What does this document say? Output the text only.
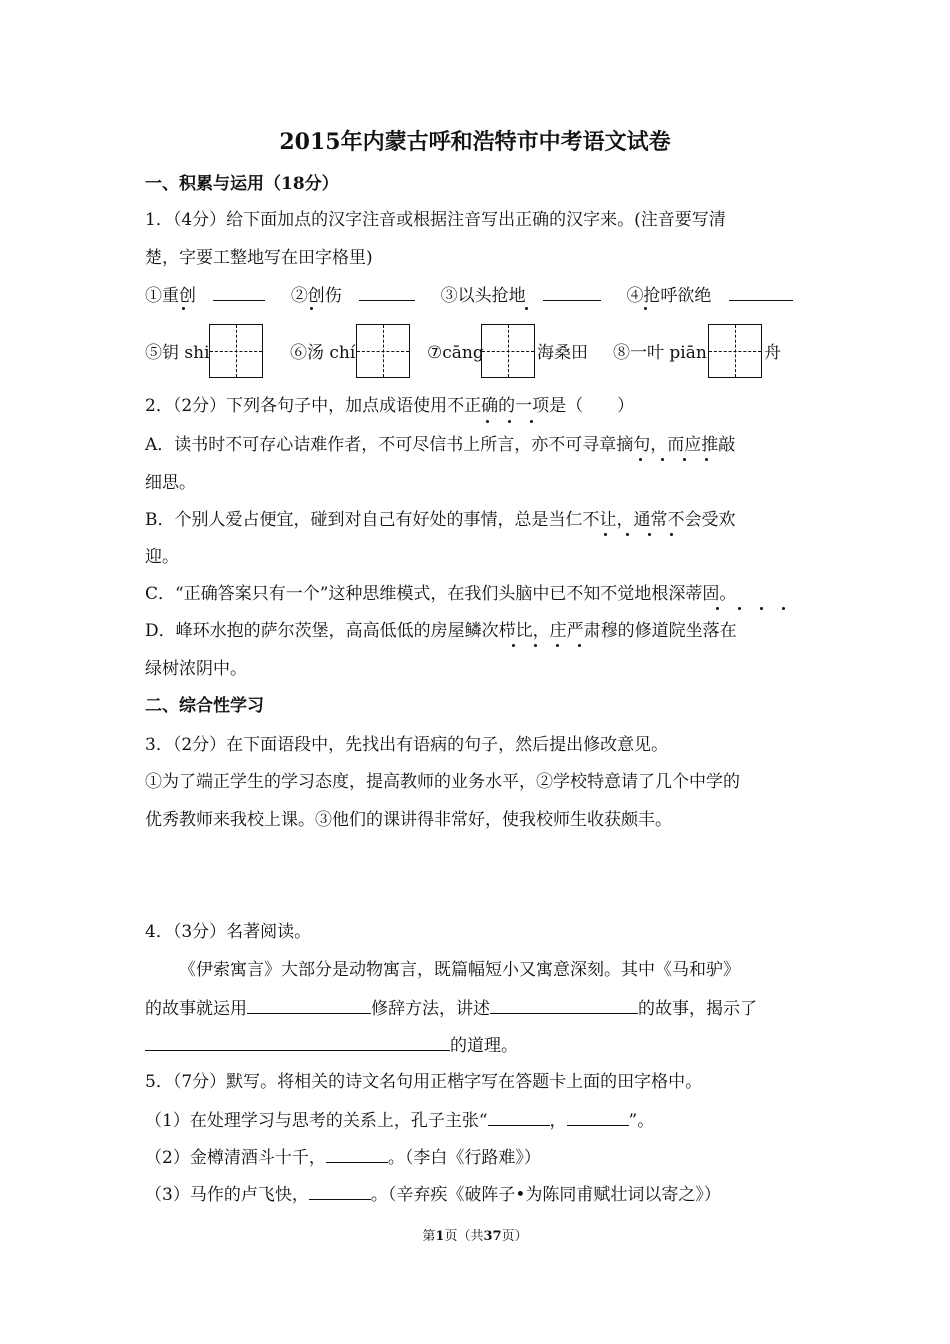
2015年内蒙古呼和浩特市中考语文试卷
一、积累与运用（18分）
1．（4分）给下面加点的汉字注音或根据注音写出正确的汉字来。(注音要写清
楚，字要工整地写在田字格里)
①重创	②创伤	③以头抢地	④抢呼欲绝
⑤钥 shi	⑥汤 chí	⑦cāng	海桑田 ⑧一叶 piān	舟
2．（2分）下列各句子中，加点成语使用不正确的一项是（　　）
A．读书时不可存心诘难作者，不可尽信书上所言，亦不可寻章摘句，而应推敲
细思。
B．个别人爱占便宜，碰到对自己有好处的事情，总是当仁不让，通常不会受欢
迎。
C．“正确答案只有一个”这种思维模式，在我们头脑中已不知不觉地根深蒂固。
D．峰环水抱的萨尔茨堡，高高低低的房屋鳞次栉比，庄严肃穆的修道院坐落在
绿树浓阴中。
二、综合性学习
3．（2分）在下面语段中，先找出有语病的句子，然后提出修改意见。
①为了端正学生的学习态度，提高教师的业务水平，②学校特意请了几个中学的
优秀教师来我校上课。③他们的课讲得非常好，使我校师生收获颇丰。
4．（3分）名著阅读。
《伊索寓言》大部分是动物寓言，既篇幅短小又寓意深刻。其中《马和驴》
的故事就运用	修辞方法，讲述	的故事，揭示了
的道理。
5．（7分）默写。将相关的诗文名句用正楷字写在答题卡上面的田字格中。
（1）在处理学习与思考的关系上，孔子主张“	，	”。
（2）金樽清酒斗十千，	。（李白《行路难》）
（3）马作的卢飞快，	。（辛弃疾《破阵子•为陈同甫赋壮词以寄之》）
第1页（共37页）
